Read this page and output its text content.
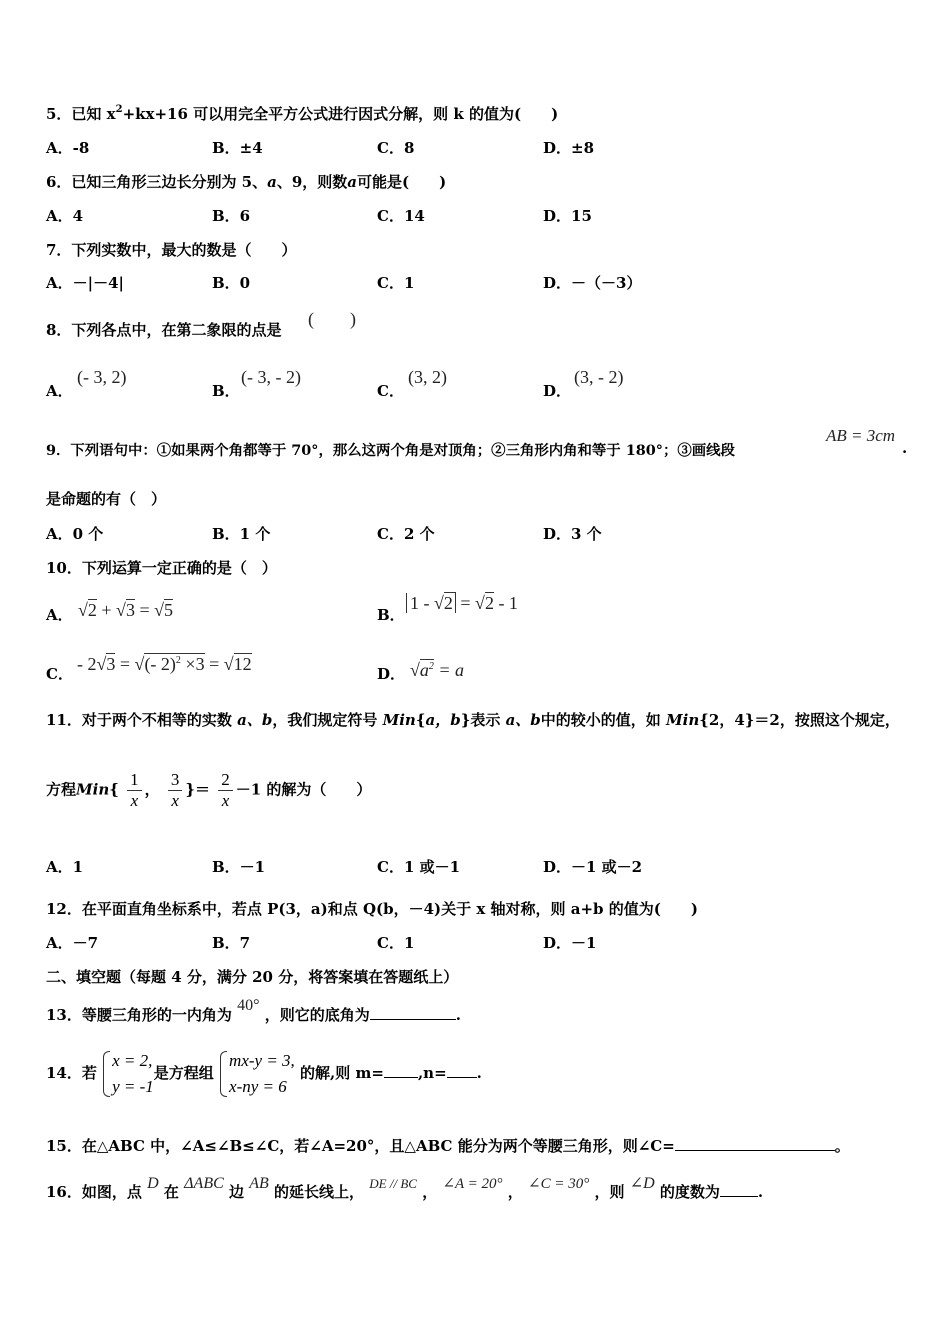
5．已知 $x^2+kx+16$ 可以用完全平方公式进行因式分解，则 k 的值为(　　)
A．-8	B．±4	C．8	D．±8
6．已知三角形三边长分别为 5、a、9，则数a可能是(　　)
A．4	B．6	C．14	D．15
7．下列实数中，最大的数是（　　）
A．－|－4|	B．0	C．1	D．－（－3）
8．下列各点中，在第二象限的点是
(　　)
A．
(- 3, 2)
B．
(- 3, - 2)
C．
(3, 2)
D．
(3, - 2)
9．下列语句中：①如果两个角都等于 70°，那么这两个角是对顶角；②三角形内角和等于 180°；③画线段
AB = 3cm
.
是命题的有（　）
A．0 个	B．1 个	C．2 个	D．3 个
10．下列运算一定正确的是（　）
A． √2 + √3 = √5	B．
1 - √2 = √2 - 1
C． - 2√3 = √(- 2)$^2$ ×3 = √12	D． $√a^2 = a$
11．对于两个不相等的实数 a、b，我们规定符号 Min{a，b}表示 a、b中的较小的值，如 Min{2，4}＝2，按照这个规定，
方程$Min\{ \frac{1}{x}$ ， $\frac{3}{x}$ }＝ $\frac{2}{x} -1$ 的解为（　　）
A．1	B．－1	C．1 或－1	D．－1 或－2
12．在平面直角坐标系中，若点 P(3，a)和点 Q(b，－4)关于 x 轴对称，则 a+b 的值为(　　)
A．－7	B．7	C．1	D．－1
二、填空题（每题 4 分，满分 20 分，将答案填在答题纸上）
13．等腰三角形的一内角为 40° ，则它的底角为	.
14．若
x = 2,
y = -1
是方程组
mx-y = 3,
x-ny = 6
的解,则 m= ,n= .
15．在△ABC 中，∠A≤∠B≤∠C，若∠A=20°，且△ABC 能分为两个等腰三角形，则∠C=	。
16．如图，点 D 在 ΔABC 边 AB 的延长线上， DE // BC ， ∠A = 20° ， ∠C = 30° ，则 ∠D 的度数为	.
